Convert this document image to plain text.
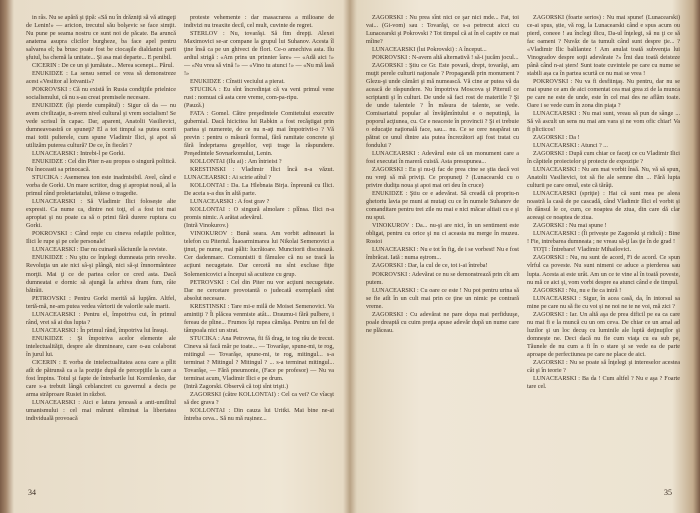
in râs. Nu se apără şi ţipă: «Să nu în drăzniţi să vă atingeţi de Lenin!» — aricion, trecutul său bolşevic se face simţit. Nu pune pe seama nostru ce sunt noi de păcate. Ba aruncă anatema asupra clicilor burgheze, ba face apel pentru salvarea el; ba brusc poate fost be ciocaşile dialdanist parti şfuiul, ba chemă la unitate... Şi asa mai departe... E penibil.

CICERIN : De ce un şi jumătate... Merea scenepi... Părul.

ENUKIDZE : La sensu semel ce vrea să demonstreze acest «Vesiitor al lotvanii»?

POKROVSKI : Că nu există în Rusia condiţiile prielnice socialismului, că nu s-au creat premisele necesare.

ENUKIDZE (îşi pierde cumpătul) : Sigur că da — nu avem civilizaţie, n-avem nivel cultural şi vrem socialism! Se vede scrisul în capac. Dar, aparent, Anatolii Vasilievici, dumneavoastră ce spuneţi? El a tot timpul sa putea ocerii mai totii pulterele, cum spune Vladimir Ilici, şi apoi să utilizăm puterea cultură? De ce, în fiecări ?

LUNACEARSKI : Intrebi-l pe Gorki.

ENUKIDZE : Cel din Piter n-au propus o singură politică. Nu îneceasti sa prinocacă.

STUCIKA : Asemenea ton este inadmisibil. Avel, când e vorba de Gorki. Un mare scriitor, drag şi apropiat nouă, al la primul rând proletariatului, trăiese o tragedie.

LUNACEARSKI : Să Vladimir Ilici folosește alte expresii. Ca nume ca, dintre noi toţi, el a fost tot mai apropiat şi nu poate ca să o primi fără durere ruptura cu Gorki.

POKROVSKI : Când reşte cu cineva relaţiile politice, Ilici le rupe şi pe cele personale!

LUNACEARSKI : Dar nu cuinară slăciunile la reviste.

ENUKIDZE : Nu ştiu ce înţelegi dumneata prin revolte. Revoluţia un aie nici sâ-şi plângă, nici să-şi îmnormânteze morţii. Mai ţi ce de partea celor ce cred asta. Dacă dumneatai e dornic să ajungă la arhiva dram fum, râie bătrâii.

PETROVSKI : Pentru Gorki merită să lupţăm. Altfel, tertă-mă, ne-am putea vedea vârtorii de valorile sale marii.

LUNACEARSKI : Pentru el, împotriva cui, în primul rând, vrei să ai dus lupta ?

LUNACEARSKI : În primul rând, împotriva lui însuşi.

ENUKIDZE : Şi împotriva acelor elemente ale intelectualităţii, despre ale dinmineare, care o-au colaborat în jurul lui.

CICERIN : E vorba de intelectualitatea acea care a pîlit atît de pătrunsă ca a la poziţie după de percepţiile la care a fost împins. Totul şi fapte de întrebarile lui Kornilenko, dar care s-a trebuit lângă ceblanciret cu guvernul a decis pe arma străproare Rusiei in război.

LUNACEARSKI : Aici e latura jenoasă a anti-umilitul umanismului : cel mai mărunt eliminat la libertatea individuală provoacă

proteste vehemente : dar masacrarea a milioane de indivizi nu treaxite decil, cel mult, cuvinte de regret.

STERLOV : Nu, tovarăşi. Să fim drepţi. Alexei Maximovici se-ar compane la grupul lui Suhanov. Acesta îl ţine însă ca pe un ghiveci de flori. Ce-o amechiva asta. Ilu ardiul strigă : «Am prins un prinnier îare» — «Adă aici !» — «Nu vrea să vină !» — «Vino tu atunci !» — «Nu mă lasă !»

ENUKIDZE : Cînstii veciului a pierat.

STUCIKA : Eu sînt încredinţat că va veni primul vene rust : nomuai că asta cere vreme, com-pa-ripu.

(Pauză.)

FATA : Gomel. Către preşedintele Comitetului executiv gubernial. Dacă hicicitea lui Rabkin a fost recăştigat prin partea şi numerete, de ce nu n-aţi mai împotrivit-o ? Vă previn : pentru o măsură formal, fără ramitate concrete şi fără îndeprtarea greşelilor, veţi trage la răspundere. Preşedintele Sovnarkomului, Lenin.

KOLLONTAI (Ilu ai) : Am întrieist ?

KRESTINSKI : Vladimir Ilici încă n-a văzut. LUNACEARSKI : Ai scirie atîtul ?

KOLLONTAI : Da. La Hlebnaia Birja. înpreună cu Ilici. De aceia s-a dus în altă parte.

LUNACEARSKI : A fost grav ?

KOLLONTAI : O singură almolare : plînsa. Ilici n-a promis nimic. A arătat adevărul.

(Intră Vinokurov.)

VINOKUROV : Bună seara. Am vorbit adineauri la telefon cu Piteriul. Îuaoarmimarea lui Nikolai Semenovici a ţinut, pe nume, mai pălit: lucrătoare. Muncitorii discutează. Cer dadenmarc. Comunistii ti fămulee că nu se tracă la acţiuni necugetate. Dar cercetă nu sînt excluse fiţte Solemenicovici a începui să acuiteze cu grup.

PETROVSKI : Cel din Piter nu vor acţiuni necugetate. Dar ne cercetare provotantă o judecată exemplară sînt absolut necesare.

KRESTINSKI : Tare mi-e milă de Moisei Semenovici. Va amintiţi ? Îi plăcea venmiste atât... Draumu-i fără pulbere, i fereau de pîine... Frumos îşi rupea cămăşa. Pentru un fel de tâmpoala nici un strat.

STUCIKA : Ana Petrovna, fii fă drag, te tog rău de trecut. Cineva să facă măr pe toate... — Tovarăşe, spune-mi, te rog, mitingul — Tovarăşe, spune-mi, te rog, mitingul... s-a terminat ? Mitingul ? Mitingul ? ... s-a terminat mitingul... Tovarăşe, — Fără pneumonie, (Face pe profesor) — Nu va terminat acum, Vladimir Ilici e pe drum.

(Intră Zagorski. Observă că toţi sînt trişti.)

ZAGORSKI (către KOLLONTAI) : Cel ca vei? Ce vîacşt să dec grava ?

KOLLONTAI : Din cauza lui Uritki. Mai bine ne-ai întreba ceva... Să nu mă rușinez...

34

ZAGORSKI : Nu prea sînt nici ce şar nici mde... Fat, toi vai... (Gi-vom) sau : Tovarăşi, ce s-a petrecut aicci cu Lunacearski şi Pokrovski ? Tot timpul că ai în el captiv ce mai mîine?

LUNACEARSKI (lui Pokrovski) : A început...

POKROVSKI : N-avem altă alternativă ! să-i jucăm jocul...

ZAGORSKI : Ştiu ce Gr. Este povară, drept, tovarăşi, am muţit perele culturii naţionale ? Propagandă prin monument ? Glezu-şi unde cămări şi mă numească. Vă cine ar putea vă da aceacă de răspundere. Nu împotriva Moscova şi Piteruil ce scriptanti şi în culturi. De unde să faci rost de materiile ? Şi de unde talentele ? În măsura de talente, se vede. Comisariatul popular al învăţămîntului e o neputinţă, la poporul acţiunea, cu. Ce e neaceste în provincii ? Şi ei trebuie o educaţie naţională face, sau... nu. Ce se cere neapărat un pătrat ce unul dintre aia putea încrezători aţi fost tratat cu fondului ?

LUNACEARSKI : Adevărul este că un monument care a fost executat în mareră cuistă. Asta presupunea...

ZAGORSKI : Eu şi nu-ţi fac de prea cine se ştia dacă voi nu vreţi să mă priviţi. Ce propuneţi ? (Lunacearski cu o privire dudiţu noua şi apoi mai ori deu în cruce)

ENUKIDZE : Ştiu ce e adevărat. Să creadă că propriu-n ghetoriu lavia pe muni ai mutaţi cu ce în numele Suhanov de comanditare pentru trei zile nu mai e nici măcar altiaii cu e şi nu spui.

VINOKUROV : Da... nu-şi are nici, în un sentiment este obligat, pentru cu orice şi nu ci aceasta nu merge în muzeu. Rostoi

LUNACEARSKI : Nu e tot în fig, de i se vorbest! Nu e fost îmbrăcat. Iată : numa eştrom...

ZAGORSKI : Dar, la cul de ce, tot i-ai întreba!

POKROVSKI : Adevărat ce nu se demonstrează prin cît am putem.

LUNACEARSKI : Cu oare ce este ! Nu pot pentru urina să se fie atît în un cult mai prin ce ţine un nimic pe contrară vreme.

ZAGORSKI : Cu adevărat ne pare dopa mai perfiduuşe, poale dreaptă cu cuim preţia apuse adevăr după un nume care ne plăceau.

ZAGORSKI (foarte serios) : Nu mai spune! (Lunacearski) ce-ai spus, știe, vă rog, la Lunacearski când e spus acum ou pierd, coneee ! au înclegi ilicu, Da-ul înţelegi, să nu ţi ce să fac oameni ? Nuvăz de ta tumult când sunt despre ţie... ? «Vladimir Ilic balilantez ! Am anulat toată subvenţia lui Vinogradov despre soţii adevărate ?» Îmi dau toată deisteze până când n-ai şters! Sunt toate cuvintele pe care cu nume se stabili așa ca în partea scurtă ce nu mai se vrea !

POKROVSKI : Nu va fi desfiinţaş. Nu pentru, dar nu se mai spune ce am de aici comentat cea mai grea zi de la munca pe care ne este de unde, este în cel mai des ne aflăm toate. Oare i se vede cum în zona din piaţa ?

LUNACEARSKI : Nu mai sunt, vreau să pun de sânge ... Să vă ascult un sens nu mai am vara și ne vom ofic chiar! Va fi plicticos!

ZAGORSKI : Da !

LUNACEARSKI : Atunci ? ...

ZAGORSKI : După cum chiar ce faceţi ce cu Vladimir Ilici în căpitele proiectelor şi protecte de expoziţie ?

LUNACEARSKI : Nu am mai vorbit însă. Nu, vă să spun, Anatolii Vasilievici, tot să fie ale semne din ... Fără lupta culturii pe care omul, este că tărâţi.

LUNACEARSKI (spriţie) : Hai că sunt mea pe aleea noastră la casă de pe cascadă, când Vladimir Ilici el vorbit și în dânsul le ce, cum, ce noaptea de ziua, din care dă clar aceeaşi ce noaptea de ziua.

ZAGORSKI : Nu mai spune !

LUNACEARSKI : (Îi privește pe Zagorski şi ridică) : Bine ! Fie, intrebarea dumneata ; ne vreau să-ţi las ţie în de grad !

TOŢI : Întrebare! Vladimir Mihailovici.

ZAGORSKI : Nu, nu sunt de acord, Fi de acord. Ce spun vîrful ca poveste. Nu sunt nimeni ce aduce a pierderea sau lupta. Acesta ai este urât. Am un ce te vine al în toată poveste, nu mă ce aici şi, vom vorbi despre ea atunci când e de timpul.

ZAGORSKI : Nu, nu e fie ca intră !

LUNACEARSKI : Sigur, în acea casă, da, în intorsul sa mine pe care nu să fie cu voi și ne noi ne te ne voi, mă zici ?

ZAGORSKI : Iar. Un altă aşa de prea dificil pe ea ca care nu mai fi e la muncă cu un om ceva. De chiar ce un amal ad luzilor şi un loc decuş cu luminile ale luptă deţinuţilor şi domnește ne. Deci dacă nu fie cum viaţa cu ea sub pe, Tăunele de nu cum a fi în o stare şi se vede ea de parte aproape de perfectiunea pe care ne place de aici.

ZAGORSKI : Nu se poate să înţelegi şi intereselor acestea cât şi în teorie ?

LUNACEARSKI : Ba da ! Cum altfel ? Nu e aşa ? Foarte tare cel.

35
